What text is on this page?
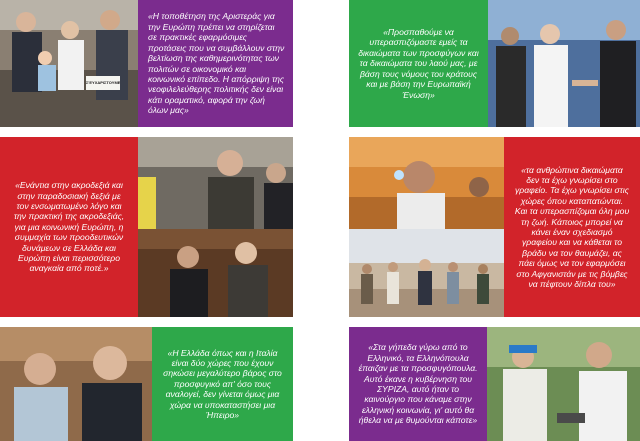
Σ'ΕΥΧΑΡΙΣΤΟΥΜΕ
«Η τοποθέτηση της Αριστεράς για την Ευρώπη πρέπει να στηρίζεται σε πρακτικές εφαρμόσιμες προτάσεις που να συμβάλλουν στην βελτίωση της καθημερινότητας των πολιτών σε οικονομικό και κοινωνικό επίπεδο. Η απόρριψη της νεοφιλελεύθερης πολιτικής δεν είναι κάτι οραματικό, αφορά την ζωή όλων μας»
«Προσπαθούμε να υπερασπιζόμαστε εμείς τα δικαιώματα των προσφύγων και τα δικαιώματα του λαού μας, με βάση τους νόμους του κράτους και με βάση την Ευρωπαϊκή Ένωση»
«Ενάντια στην ακροδεξιά και στην παραδοσιακή δεξιά με τον ενσωματωμένο λόγο και την πρακτική της ακροδεξιάς, για μια κοινωνική Ευρώπη, η συμμαχία των προοδευτικών δυνάμεων σε Ελλάδα και Ευρώπη είναι περισσότερο αναγκαία από ποτέ.»
«τα ανθρώπινα δικαιώματα δεν τα έχω γνωρίσει στο γραφείο. Τα έχω γνωρίσει στις χώρες όπου καταπατώνται. Και τα υπερασπίζομαι όλη μου τη ζωή. Κάποιος μπορεί να κάνει έναν σχεδιασμό γραφείου και να κάθεται το βράδυ να τον θαυμάζει, ας πάει όμως να τον εφαρμόσει στο Αφγανιστάν με τις βόμβες να πέφτουν δίπλα του»
«Η Ελλάδα όπως και η Ιταλία είναι δύο χώρες που έχουν σηκώσει μεγαλύτερο βάρος στο προσφυγικό απ' όσο τους αναλογεί, δεν γίνεται όμως μια χώρα να υποκαταστήσει μια Ήπειρο»
«Στα γήπεδα γύρω από το Ελληνικό, τα Ελληνόπουλα έπαιζαν με τα προσφυγόπουλα. Αυτό έκανε η κυβέρνηση του ΣΥΡΙΖΑ, αυτό ήταν το καινούργιο που κάναμε στην ελληνική κοινωνία, γι' αυτό θα ήθελα να με θυμούνται κάποτε»
